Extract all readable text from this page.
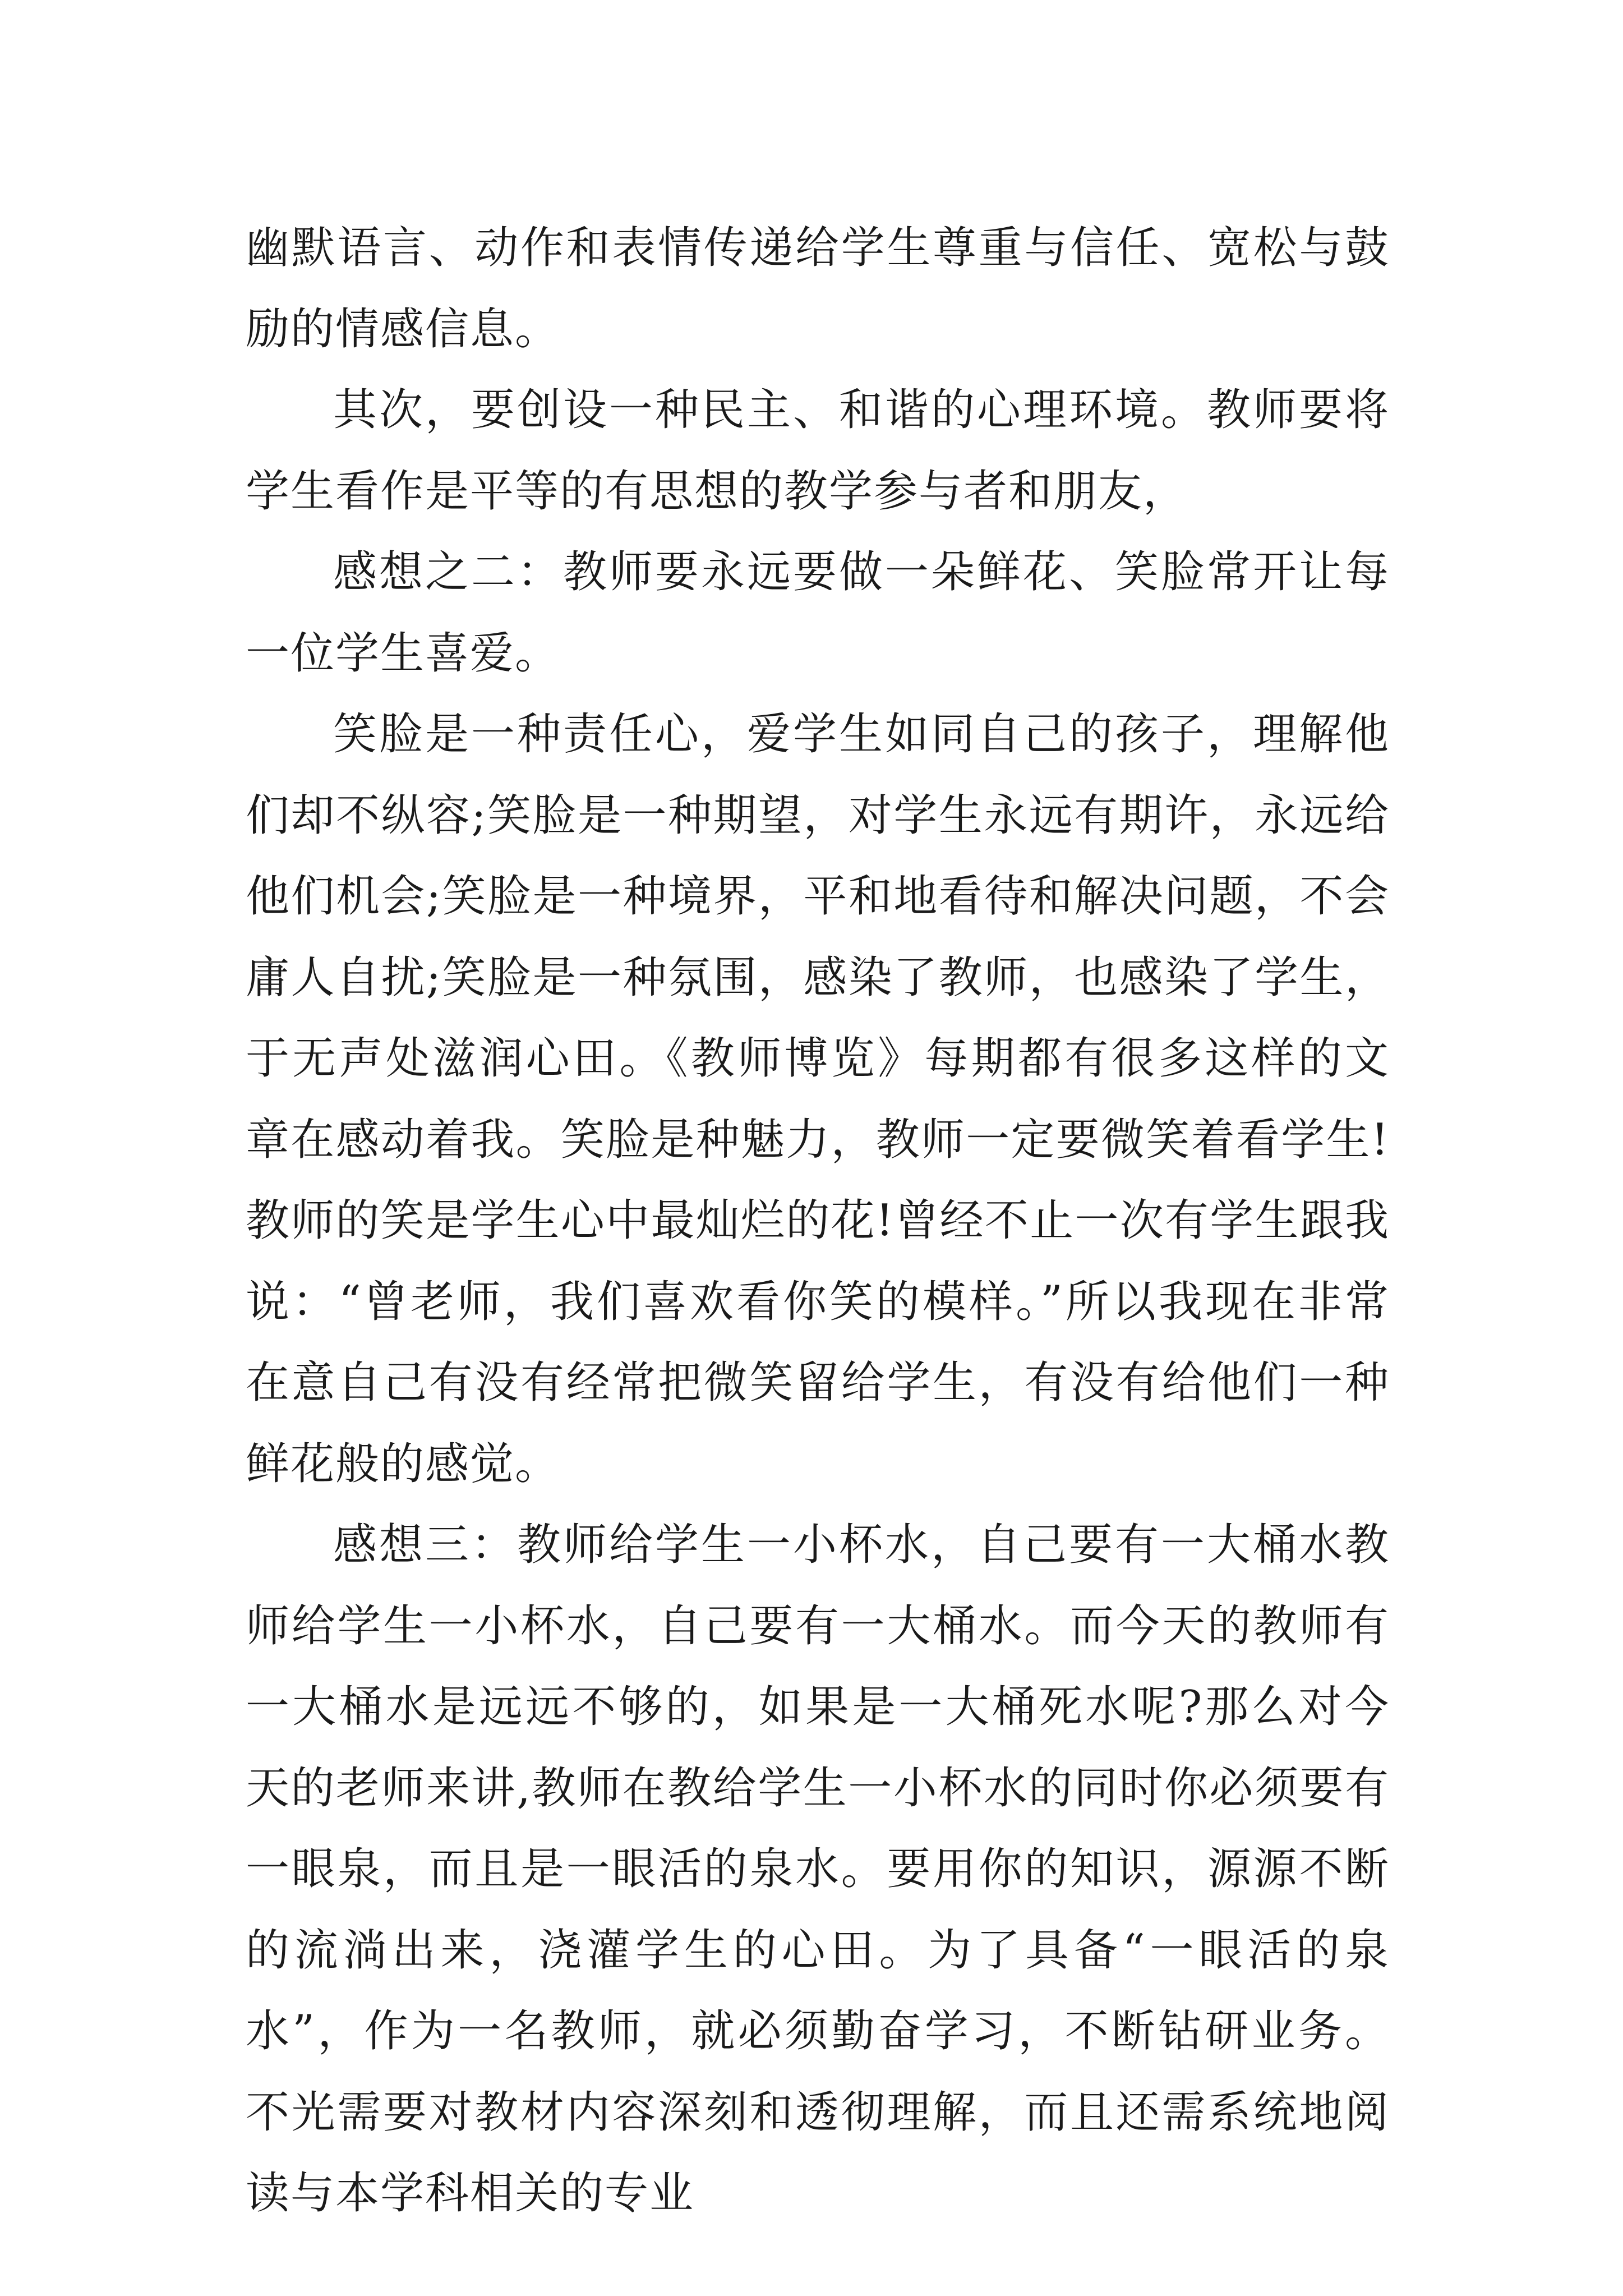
幽默语言、动作和表情传递给学生尊重与信任、宽松与鼓励的情感信息。

其次，要创设一种民主、和谐的心理环境。教师要将学生看作是平等的有思想的教学参与者和朋友，

感想之二：教师要永远要做一朵鲜花、笑脸常开让每一位学生喜爱。

笑脸是一种责任心，爱学生如同自己的孩子，理解他们却不纵容;笑脸是一种期望，对学生永远有期许，永远给他们机会;笑脸是一种境界，平和地看待和解决问题，不会庸人自扰;笑脸是一种氛围，感染了教师，也感染了学生，于无声处滋润心田。《教师博览》每期都有很多这样的文章在感动着我。笑脸是种魅力，教师一定要微笑着看学生!教师的笑是学生心中最灿烂的花!曾经不止一次有学生跟我说：“曾老师，我们喜欢看你笑的模样。”所以我现在非常在意自己有没有经常把微笑留给学生，有没有给他们一种鲜花般的感觉。

感想三：教师给学生一小杯水，自己要有一大桶水教师给学生一小杯水，自己要有一大桶水。而今天的教师有一大桶水是远远不够的，如果是一大桶死水呢?那么对今天的老师来讲,教师在教给学生一小杯水的同时你必须要有一眼泉，而且是一眼活的泉水。要用你的知识，源源不断的流淌出来，浇灌学生的心田。为了具备“一眼活的泉水”，作为一名教师，就必须勤奋学习，不断钻研业务。不光需要对教材内容深刻和透彻理解，而且还需系统地阅读与本学科相关的专业
